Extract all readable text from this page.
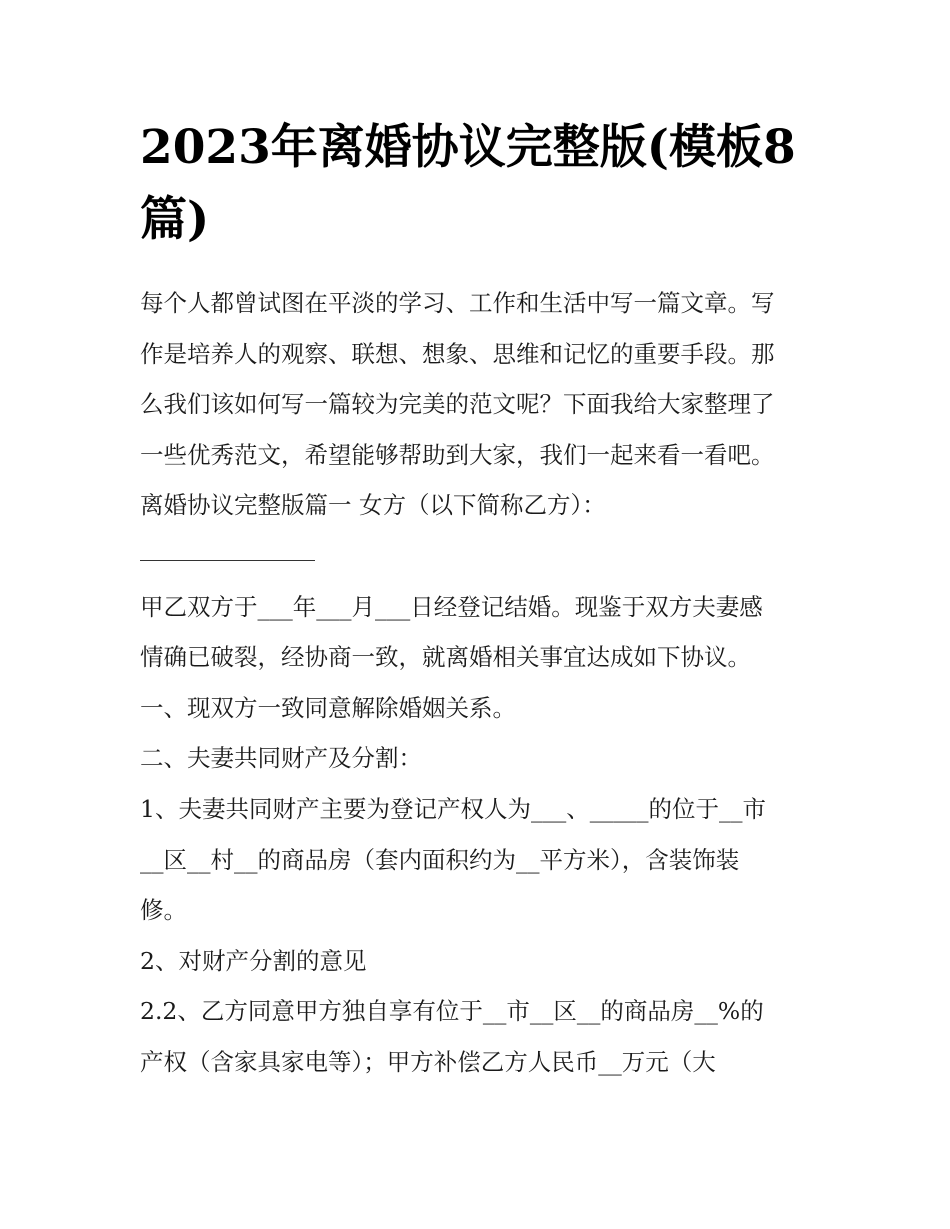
2023年离婚协议完整版(模板8
篇)
每个人都曾试图在平淡的学习、工作和生活中写一篇文章。写
作是培养人的观察、联想、想象、思维和记忆的重要手段。那
么我们该如何写一篇较为完美的范文呢？下面我给大家整理了
一些优秀范文，希望能够帮助到大家，我们一起来看一看吧。
离婚协议完整版篇一 女方（以下简称乙方）：
甲乙双方于___年___月___日经登记结婚。现鉴于双方夫妻感
情确已破裂，经协商一致，就离婚相关事宜达成如下协议。
一、现双方一致同意解除婚姻关系。
二、夫妻共同财产及分割：
1、夫妻共同财产主要为登记产权人为___、_____的位于__市
__区__村__的商品房（套内面积约为__平方米），含装饰装
修。
2、对财产分割的意见
2.2、乙方同意甲方独自享有位于__市__区__的商品房__%的
产权（含家具家电等）；甲方补偿乙方人民币__万元（大
